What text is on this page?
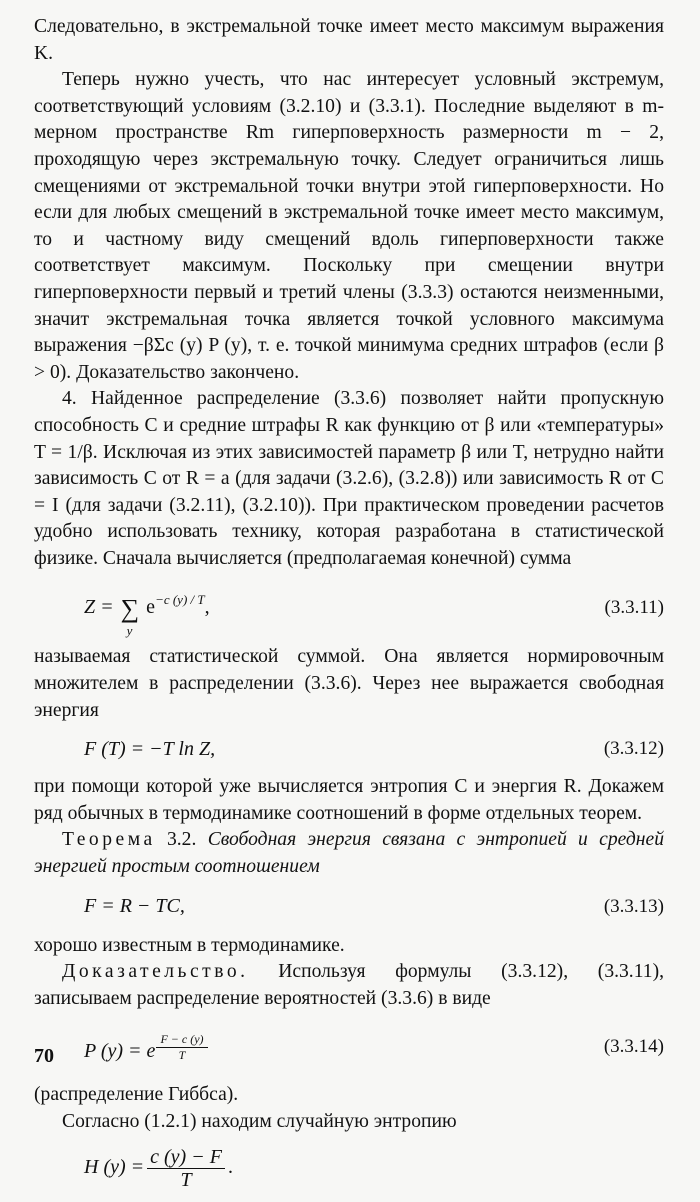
Следовательно, в экстремальной точке имеет место максимум выражения K.

Теперь нужно учесть, что нас интересует условный экстремум, соответствующий условиям (3.2.10) и (3.3.1). Последние выделяют в m-мерном пространстве Rm гиперповерхность размерности m − 2, проходящую через экстремальную точку. Следует ограничиться лишь смещениями от экстремальной точки внутри этой гиперповерхности. Но если для любых смещений в экстремальной точке имеет место максимум, то и частному виду смещений вдоль гиперповерхности также соответствует максимум. Поскольку при смещении внутри гиперповерхности первый и третий члены (3.3.3) остаются неизменными, значит экстремальная точка является точкой условного максимума выражения −βΣc (y) P (y), т. е. точкой минимума средних штрафов (если β > 0). Доказательство закончено.

4. Найденное распределение (3.3.6) позволяет найти пропускную способность C и средние штрафы R как функцию от β или «температуры» T = 1/β. Исключая из этих зависимостей параметр β или T, нетрудно найти зависимость C от R = a (для задачи (3.2.6), (3.2.8)) или зависимость R от C = I (для задачи (3.2.11), (3.2.10)). При практическом проведении расчетов удобно использовать технику, которая разработана в статистической физике. Сначала вычисляется (предполагаемая конечной) сумма

Z = ∑
y
$e^{-c (y) / T}$,	(3.3.11)

называемая статистической суммой. Она является нормировочным множителем в распределении (3.3.6). Через нее выражается свободная энергия

F (T) = −T ln Z,	(3.3.12)

при помощи которой уже вычисляется энтропия C и энергия R. Докажем ряд обычных в термодинамике соотношений в форме отдельных теорем.

Теорема 3.2. Свободная энергия связана с энтропией и средней энергией простым соотношением

F = R − TC,	(3.3.13)

хорошо известным в термодинамике.

Доказательство. Используя формулы (3.3.12), (3.3.11), записываем распределение вероятностей (3.3.6) в виде

P (y) = e $\frac{F - c (y)}{T}$	(3.3.14)

(распределение Гиббса).

Согласно (1.2.1) находим случайную энтропию

H $(y) = \frac{c (y) - F}{T}$ .
70
